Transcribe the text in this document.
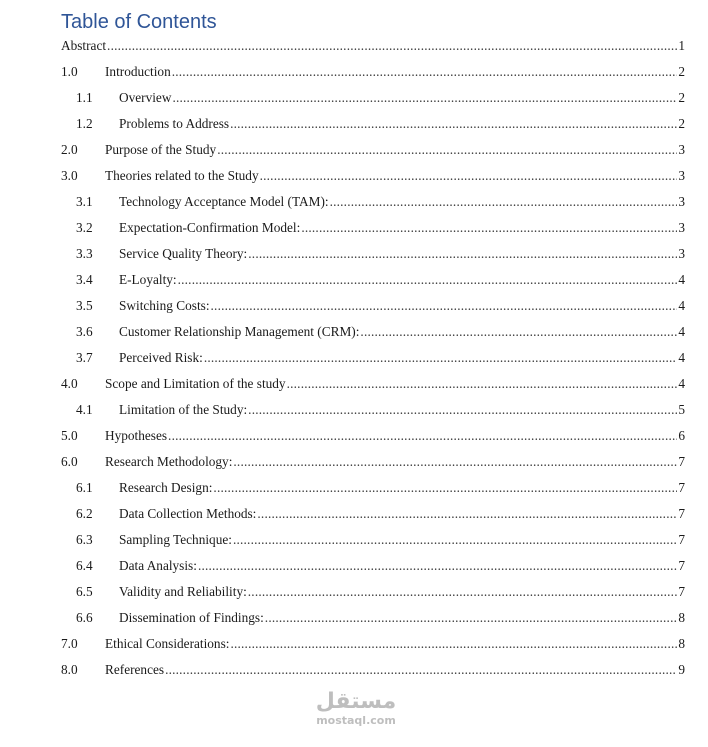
Table of Contents
Abstract .....	1
1.0 Introduction .....	2
1.1 Overview .....	2
1.2 Problems to Address .....	2
2.0 Purpose of the Study .....	3
3.0 Theories related to the Study .....	3
3.1 Technology Acceptance Model (TAM): .....	3
3.2 Expectation-Confirmation Model: .....	3
3.3 Service Quality Theory: .....	3
3.4 E-Loyalty: .....	4
3.5 Switching Costs: .....	4
3.6 Customer Relationship Management (CRM): .....	4
3.7 Perceived Risk: .....	4
4.0 Scope and Limitation of the study .....	4
4.1 Limitation of the Study: .....	5
5.0 Hypotheses .....	6
6.0 Research Methodology: .....	7
6.1 Research Design: .....	7
6.2 Data Collection Methods: .....	7
6.3 Sampling Technique: .....	7
6.4 Data Analysis: .....	7
6.5 Validity and Reliability: .....	7
6.6 Dissemination of Findings: .....	8
7.0 Ethical Considerations: .....	8
8.0 References .....	9
مستقل
mostaql.com
